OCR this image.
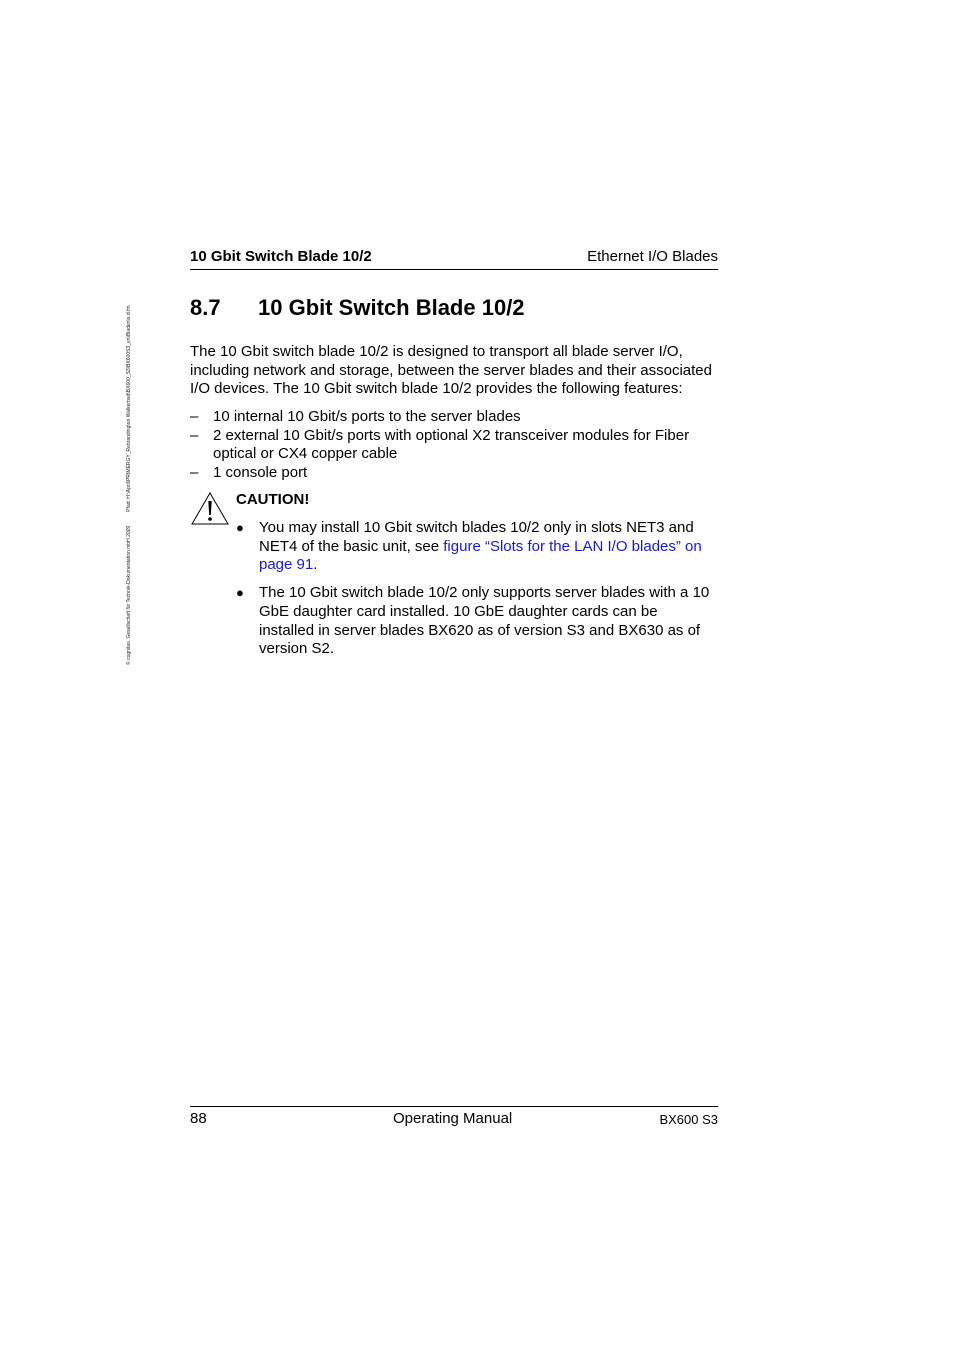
© cognitas. Gesellschaft für Technik-Dokumentation mbH 2009Pfad: H:\April\PRIMERGY_Rebranding\on Walkerbad\BX600_S3\BX600S3_en\Bladen\s.d.fm
10 Gbit Switch Blade 10/2	Ethernet I/O Blades
8.7 10 Gbit Switch Blade 10/2
The 10 Gbit switch blade 10/2 is designed to transport all blade server I/O, including network and storage, between the server blades and their associated I/O devices. The 10 Gbit switch blade 10/2 provides the following features:
– 10 internal 10 Gbit/s ports to the server blades
– 2 external 10 Gbit/s ports with optional X2 transceiver modules for Fiber optical or CX4 copper cable
– 1 console port
CAUTION!
● You may install 10 Gbit switch blades 10/2 only in slots NET3 and NET4 of the basic unit, see figure “Slots for the LAN I/O blades” on page 91.
● The 10 Gbit switch blade 10/2 only supports server blades with a 10 GbE daughter card installed. 10 GbE daughter cards can be installed in server blades BX620 as of version S3 and BX630 as of version S2.
88	Operating Manual	BX600 S3
